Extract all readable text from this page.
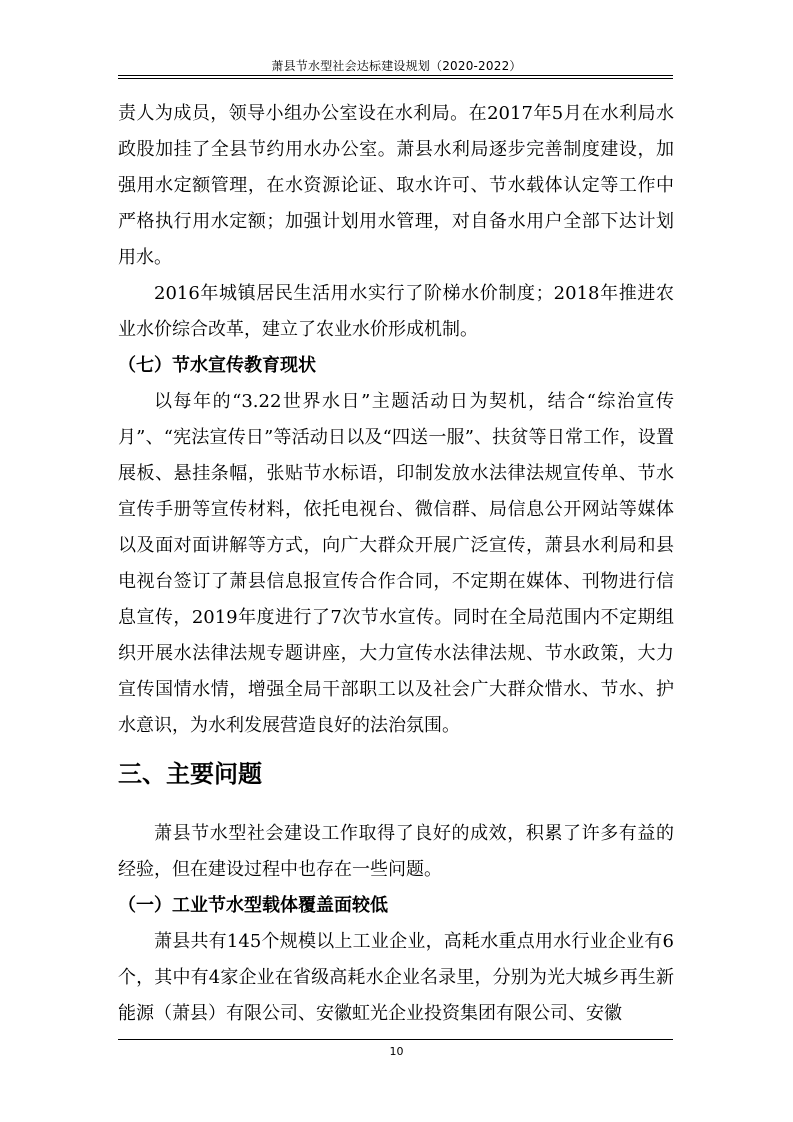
萧县节水型社会达标建设规划（2020-2022）

责人为成员，领导小组办公室设在水利局。在2017年5月在水利局水政股加挂了全县节约用水办公室。萧县水利局逐步完善制度建设，加强用水定额管理，在水资源论证、取水许可、节水载体认定等工作中严格执行用水定额；加强计划用水管理，对自备水用户全部下达计划用水。

2016年城镇居民生活用水实行了阶梯水价制度；2018年推进农业水价综合改革，建立了农业水价形成机制。

（七）节水宣传教育现状

以每年的“3.22世界水日”主题活动日为契机，结合“综治宣传月”、“宪法宣传日”等活动日以及“四送一服”、扶贫等日常工作，设置展板、悬挂条幅，张贴节水标语，印制发放水法律法规宣传单、节水宣传手册等宣传材料，依托电视台、微信群、局信息公开网站等媒体以及面对面讲解等方式，向广大群众开展广泛宣传，萧县水利局和县电视台签订了萧县信息报宣传合作合同，不定期在媒体、刊物进行信息宣传，2019年度进行了7次节水宣传。同时在全局范围内不定期组织开展水法律法规专题讲座，大力宣传水法律法规、节水政策，大力宣传国情水情，增强全局干部职工以及社会广大群众惜水、节水、护水意识，为水利发展营造良好的法治氛围。

三、主要问题

萧县节水型社会建设工作取得了良好的成效，积累了许多有益的经验，但在建设过程中也存在一些问题。

（一）工业节水型载体覆盖面较低

萧县共有145个规模以上工业企业，高耗水重点用水行业企业有6个，其中有4家企业在省级高耗水企业名录里，分别为光大城乡再生新能源（萧县）有限公司、安徽虹光企业投资集团有限公司、安徽

10
